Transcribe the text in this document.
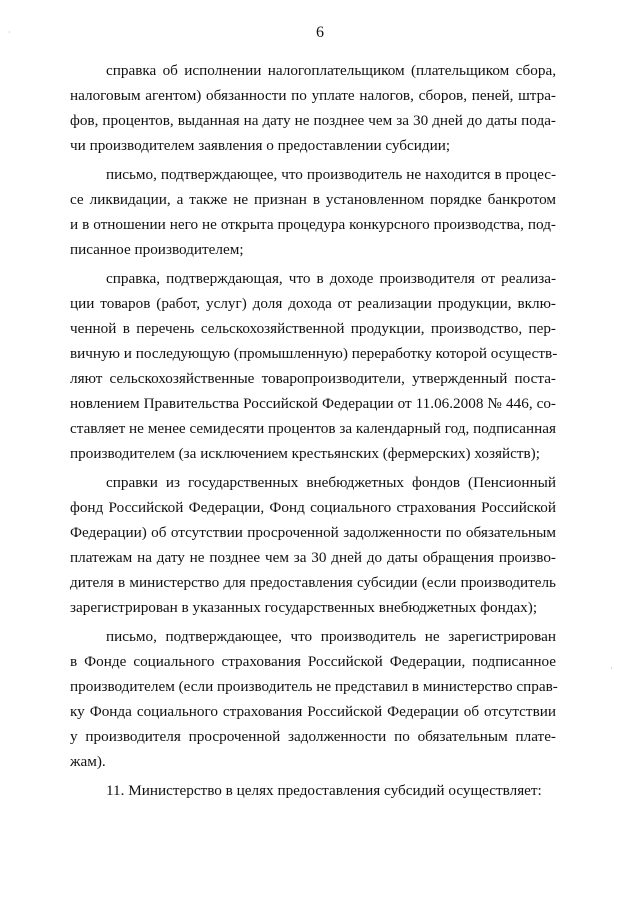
6
справка об исполнении налогоплательщиком (плательщиком сбора,
налоговым агентом) обязанности по уплате налогов, сборов, пеней, штра-
фов, процентов, выданная на дату не позднее чем за 30 дней до даты пода-
чи производителем заявления о предоставлении субсидии;
письмо, подтверждающее, что производитель не находится в процес-
се ликвидации, а также не признан в установленном порядке банкротом
и в отношении него не открыта процедура конкурсного производства, под-
писанное производителем;
справка, подтверждающая, что в доходе производителя от реализа-
ции товаров (работ, услуг) доля дохода от реализации продукции, вклю-
ченной в перечень сельскохозяйственной продукции, производство, пер-
вичную и последующую (промышленную) переработку которой осуществ-
ляют сельскохозяйственные товаропроизводители, утвержденный поста-
новлением Правительства Российской Федерации от 11.06.2008 № 446, со-
ставляет не менее семидесяти процентов за календарный год, подписанная
производителем (за исключением крестьянских (фермерских) хозяйств);
справки из государственных внебюджетных фондов (Пенсионный
фонд Российской Федерации, Фонд социального страхования Российской
Федерации) об отсутствии просроченной задолженности по обязательным
платежам на дату не позднее чем за 30 дней до даты обращения произво-
дителя в министерство для предоставления субсидии (если производитель
зарегистрирован в указанных государственных внебюджетных фондах);
письмо, подтверждающее, что производитель не зарегистрирован
в Фонде социального страхования Российской Федерации, подписанное
производителем (если производитель не представил в министерство справ-
ку Фонда социального страхования Российской Федерации об отсутствии
у производителя просроченной задолженности по обязательным плате-
жам).
11. Министерство в целях предоставления субсидий осуществляет:
·
·
